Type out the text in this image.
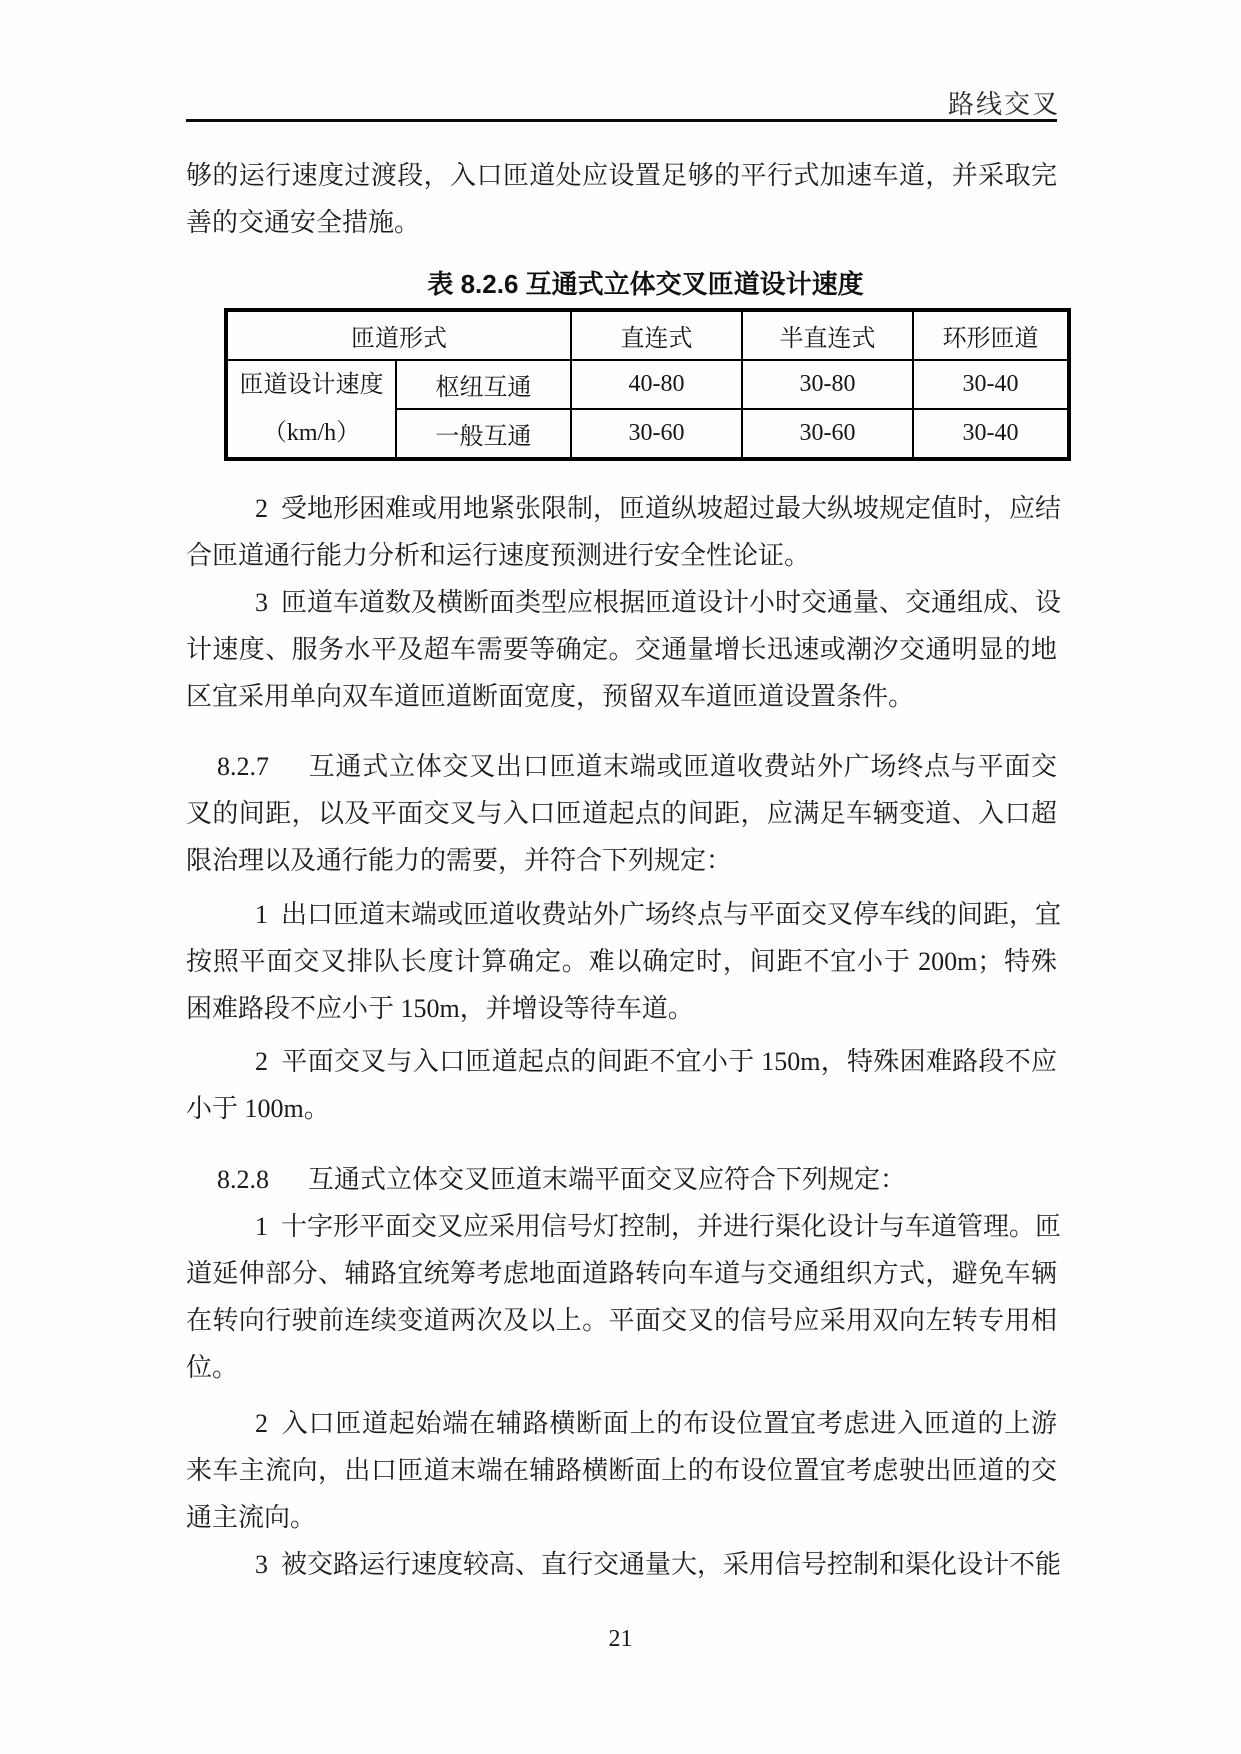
路线交叉
够的运行速度过渡段，入口匝道处应设置足够的平行式加速车道，并采取完
善的交通安全措施。
表 8.2.6 互通式立体交叉匝道设计速度
匝道形式		直连式	半直连式	环形匝道

匝道设计速度
（km/h）	枢纽互通	40-80	30-80	30-40
	一般互通	30-60	30-60	30-40
2 受地形困难或用地紧张限制，匝道纵坡超过最大纵坡规定值时，应结
合匝道通行能力分析和运行速度预测进行安全性论证。
3 匝道车道数及横断面类型应根据匝道设计小时交通量、交通组成、设
计速度、服务水平及超车需要等确定。交通量增长迅速或潮汐交通明显的地
区宜采用单向双车道匝道断面宽度，预留双车道匝道设置条件。
8.2.7  互通式立体交叉出口匝道末端或匝道收费站外广场终点与平面交
叉的间距，以及平面交叉与入口匝道起点的间距，应满足车辆变道、入口超
限治理以及通行能力的需要，并符合下列规定：
1 出口匝道末端或匝道收费站外广场终点与平面交叉停车线的间距，宜
按照平面交叉排队长度计算确定。难以确定时，间距不宜小于 200m；特殊
困难路段不应小于 150m，并增设等待车道。
2 平面交叉与入口匝道起点的间距不宜小于 150m，特殊困难路段不应
小于 100m。
8.2.8  互通式立体交叉匝道末端平面交叉应符合下列规定：
1 十字形平面交叉应采用信号灯控制，并进行渠化设计与车道管理。匝
道延伸部分、辅路宜统筹考虑地面道路转向车道与交通组织方式，避免车辆
在转向行驶前连续变道两次及以上。平面交叉的信号应采用双向左转专用相
位。
2 入口匝道起始端在辅路横断面上的布设位置宜考虑进入匝道的上游
来车主流向，出口匝道末端在辅路横断面上的布设位置宜考虑驶出匝道的交
通主流向。
3 被交路运行速度较高、直行交通量大，采用信号控制和渠化设计不能
21
